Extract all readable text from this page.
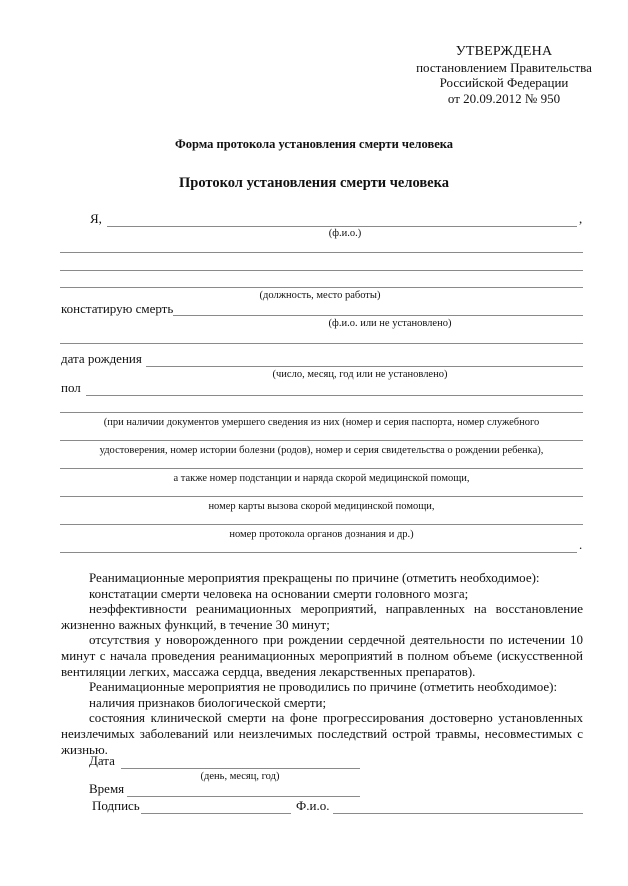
УТВЕРЖДЕНА
постановлением Правительства
Российской Федерации
от 20.09.2012 № 950
Форма протокола установления смерти человека
Протокол установления смерти человека
Я,	,
(ф.и.о.)
(должность, место работы)
констатирую смерть
(ф.и.о. или не установлено)
дата рождения
(число, месяц, год или не установлено)
пол
(при наличии документов умершего сведения из них (номер и серия паспорта, номер служебного
удостоверения, номер истории болезни (родов), номер и серия свидетельства о рождении ребенка),
а также номер подстанции и наряда скорой медицинской помощи,
номер карты вызова скорой медицинской помощи,
номер протокола органов дознания и др.)
.

Реанимационные мероприятия прекращены по причине (отметить необходимое):

констатации смерти человека на основании смерти головного мозга;

неэффективности реанимационных мероприятий, направленных на восстановление жизненно важных функций, в течение 30 минут;

отсутствия у новорожденного при рождении сердечной деятельности по истечении 10 минут с начала проведения реанимационных мероприятий в полном объеме (искусственной вентиляции легких, массажа сердца, введения лекарственных препаратов).

Реанимационные мероприятия не проводились по причине (отметить необходимое):

наличия признаков биологической смерти;

состояния клинической смерти на фоне прогрессирования достоверно установленных неизлечимых заболеваний или неизлечимых последствий острой травмы, несовместимых с жизнью.

Дата
(день, месяц, год)
Время
Подпись	Ф.и.о.
